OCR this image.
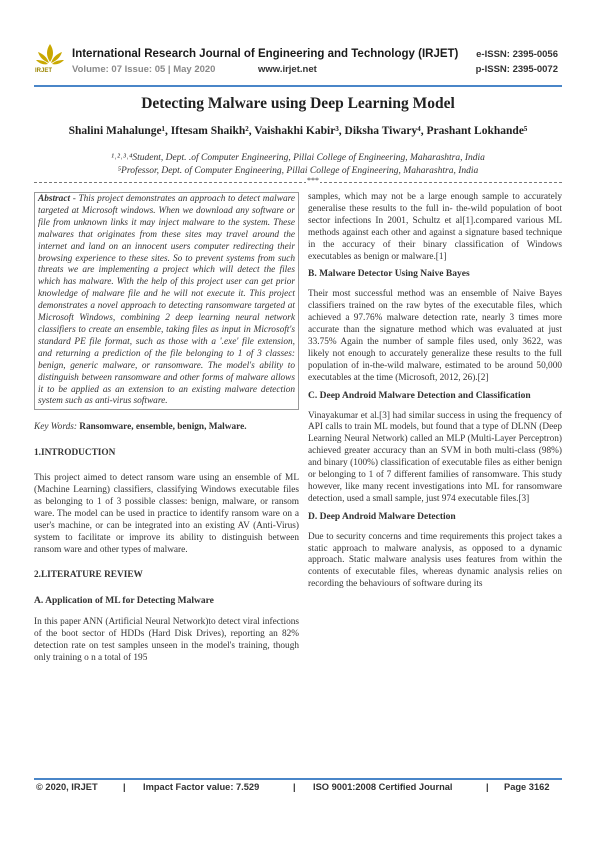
IRJET
International Research Journal of Engineering and Technology (IRJET)
Volume: 07 Issue: 05 | May 2020	www.irjet.net
e-ISSN: 2395-0056
p-ISSN: 2395-0072
Detecting Malware using Deep Learning Model
Shalini Mahalunge¹, Iftesam Shaikh², Vaishakhi Kabir³, Diksha Tiwary⁴, Prashant Lokhande⁵
¹˒²˒³˒⁴Student, Dept. .of Computer Engineering, Pillai College of Engineering, Maharashtra, India
⁵Professor, Dept. of Computer Engineering, Pillai College of Engineering, Maharashtra, India
***
Abstract - This project demonstrates an approach to detect malware targeted at Microsoft windows. When we download any software or file from unknown links it may inject malware to the system. These malwares that originates from these sites may travel around the internet and land on an innocent users computer redirecting their browsing experience to these sites. So to prevent systems from such threats we are implementing a project which will detect the files which has malware. With the help of this project user can get prior knowledge of malware file and he will not execute it. This project demonstrates a novel approach to detecting ransomware targeted at Microsoft Windows, combining 2 deep learning neural network classifiers to create an ensemble, taking files as input in Microsoft's standard PE file format, such as those with a '.exe' file extension, and returning a prediction of the file belonging to 1 of 3 classes: benign, generic malware, or ransomware. The model's ability to distinguish between ransomware and other forms of malware allows it to be applied as an extension to an existing malware detection system such as anti-virus software.
Key Words: Ransomware, ensemble, benign, Malware.
1.INTRODUCTION

This project aimed to detect ransom ware using an ensemble of ML (Machine Learning) classifiers, classifying Windows executable files as belonging to 1 of 3 possible classes: benign, malware, or ransom ware. The model can be used in practice to identify ransom ware on a user's machine, or can be integrated into an existing AV (Anti-Virus) system to facilitate or improve its ability to distinguish between ransom ware and other types of malware.

2.LITERATURE REVIEW
A. Application of ML for Detecting Malware

In this paper ANN (Artificial Neural Network)to detect viral infections of the boot sector of HDDs (Hard Disk Drives), reporting an 82% detection rate on test samples unseen in the model's training, though only training o n a total of 195

samples, which may not be a large enough sample to accurately generalise these results to the full in- the-wild population of boot sector infections In 2001, Schultz et al[1].compared various ML methods against each other and against a signature based technique in the accuracy of their binary classification of Windows executables as benign or malware.[1]

B. Malware Detector Using Naive Bayes

Their most successful method was an ensemble of Naive Bayes classifiers trained on the raw bytes of the executable files, which achieved a 97.76% malware detection rate, nearly 3 times more accurate than the signature method which was evaluated at just 33.75% Again the number of sample files used, only 3622, was likely not enough to accurately generalize these results to the full population of in-the-wild malware, estimated to be around 50,000 executables at the time (Microsoft, 2012, 26).[2]

C. Deep Android Malware Detection and Classification

Vinayakumar et al.[3] had similar success in using the frequency of API calls to train ML models, but found that a type of DLNN (Deep Learning Neural Network) called an MLP (Multi-Layer Perceptron) achieved greater accuracy than an SVM in both multi-class (98%) and binary (100%) classification of executable files as either benign or belonging to 1 of 7 different families of ransomware. This study however, like many recent investigations into ML for ransomware detection, used a small sample, just 974 executable files.[3]

D. Deep Android Malware Detection

Due to security concerns and time requirements this project takes a static approach to malware analysis, as opposed to a dynamic approach. Static malware analysis uses features from within the contents of executable files, whereas dynamic analysis relies on recording the behaviours of software during its

© 2020, IRJET	| Impact Factor value: 7.529	| ISO 9001:2008 Certified Journal	| Page 3162
